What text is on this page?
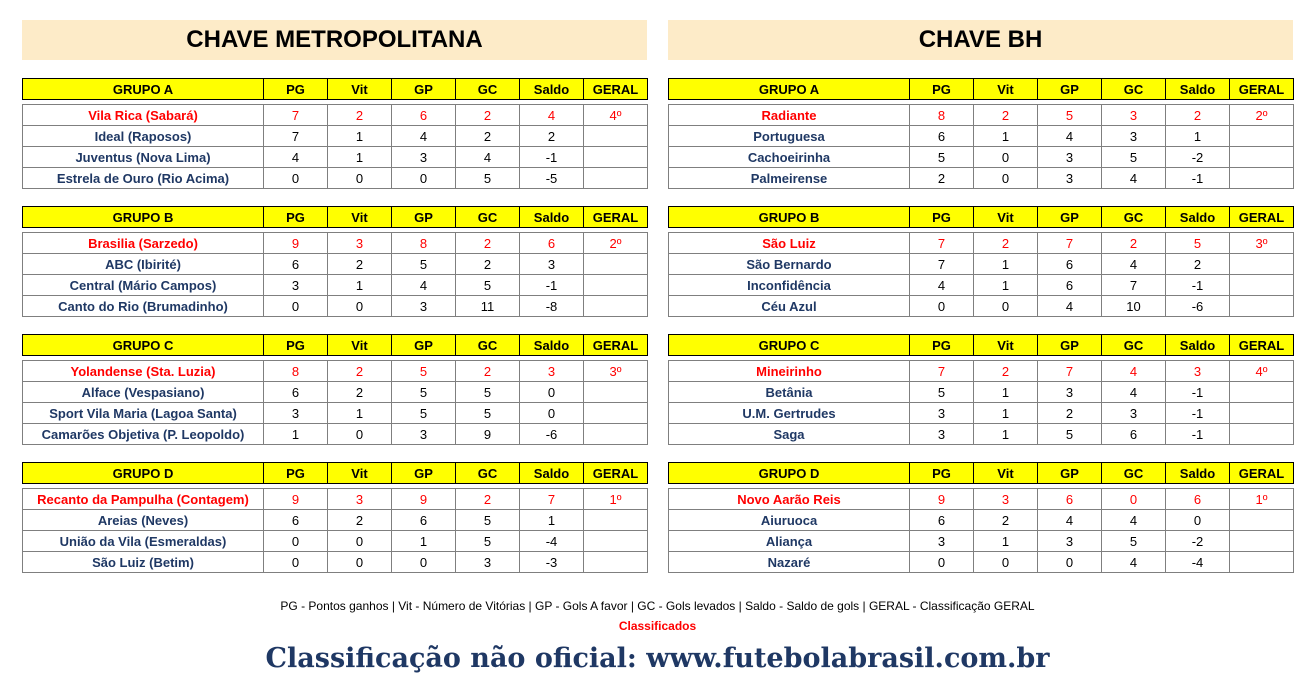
CHAVE METROPOLITANA
GRUPO A	PG	Vit	GP	GC	Saldo	GERAL

Vila Rica (Sabará)	7	2	6	2	4	4º
Ideal (Raposos)	7	1	4	2	2	
Juventus (Nova Lima)	4	1	3	4	-1	
Estrela de Ouro (Rio Acima)	0	0	0	5	-5	
GRUPO B	PG	Vit	GP	GC	Saldo	GERAL

Brasilia (Sarzedo)	9	3	8	2	6	2º
ABC (Ibirité)	6	2	5	2	3	
Central (Mário Campos)	3	1	4	5	-1	
Canto do Rio (Brumadinho)	0	0	3	11	-8	
GRUPO C	PG	Vit	GP	GC	Saldo	GERAL

Yolandense (Sta. Luzia)	8	2	5	2	3	3º
Alface (Vespasiano)	6	2	5	5	0	
Sport Vila Maria (Lagoa Santa)	3	1	5	5	0	
Camarões Objetiva (P. Leopoldo)	1	0	3	9	-6	
GRUPO D	PG	Vit	GP	GC	Saldo	GERAL

Recanto da Pampulha (Contagem)	9	3	9	2	7	1º
Areias (Neves)	6	2	6	5	1	
União da Vila (Esmeraldas)	0	0	1	5	-4	
São Luiz (Betim)	0	0	0	3	-3	
CHAVE BH
GRUPO A	PG	Vit	GP	GC	Saldo	GERAL

Radiante	8	2	5	3	2	2º
Portuguesa	6	1	4	3	1	
Cachoeirinha	5	0	3	5	-2	
Palmeirense	2	0	3	4	-1	
GRUPO B	PG	Vit	GP	GC	Saldo	GERAL

São Luiz	7	2	7	2	5	3º
São Bernardo	7	1	6	4	2	
Inconfidência	4	1	6	7	-1	
Céu Azul	0	0	4	10	-6	
GRUPO C	PG	Vit	GP	GC	Saldo	GERAL

Mineirinho	7	2	7	4	3	4º
Betânia	5	1	3	4	-1	
U.M. Gertrudes	3	1	2	3	-1	
Saga	3	1	5	6	-1	
GRUPO D	PG	Vit	GP	GC	Saldo	GERAL

Novo Aarão Reis	9	3	6	0	6	1º
Aiuruoca	6	2	4	4	0	
Aliança	3	1	3	5	-2	
Nazaré	0	0	0	4	-4	
PG - Pontos ganhos | Vit - Número de Vitórias | GP - Gols A favor | GC - Gols levados | Saldo - Saldo de gols | GERAL - Classificação GERAL
Classificados
Classificação não oficial: www.futebolabrasil.com.br
